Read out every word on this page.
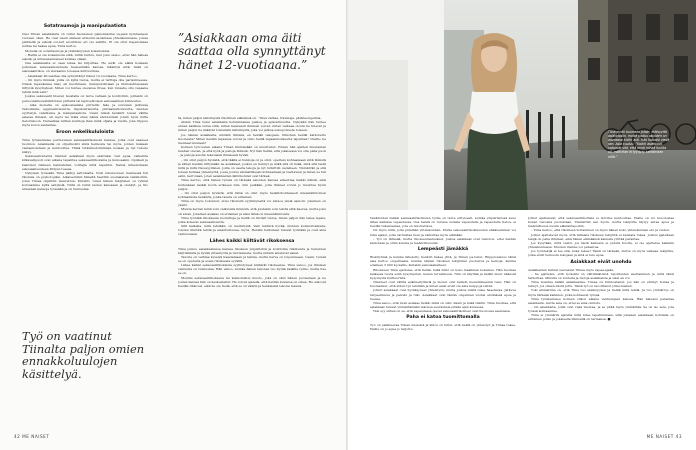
Sotatraumoja ja manipulaatiota

Ossi Tiinan asiakkaista on tullut huomenen paksoluksina va-jaan kymmeneen vuoteen ollen. He ovat usein eläneet armonin-sa-lantasa yhteiskunnassa, joissa päihteitä ja seksiä ovi-teri avoiitmuu eri ole sallittu. Ei ole ollut haparoikasa auttaa tai hakea apua, Tiina kertoo.

Monella on sotatraumoja ja yksinäisyyden kokemuksia.

– Heillä ei ole kokemusta siitä, miltä tuntuu, kun joku sanoo, ettei hän haluaa seksiä, ja mitenasennaneet kunnas ollaan.

Osa asiakkaista ei osaa lukea tai kirjoittaa. He eivät ole eläkä koskaan puhuneet seksuaalisuudesta keenenkään kanssa. Kääntyä siitä, mikä on seksuaalirikos, on vieraannu toisessa kulttuurissa.

– Asiakkaat lili saattaa olla synnyttänyt hänet 12-vuotiaana, Tiina kertoo.

– On myös ihmisiä, joilla on kyllä tietoa, mutta ei tarttuja olla parisuhteessa. Niissä tapauksissa käsy eli kuorimaan, manipulointiaan ja ihmissuhteissaan liittyviä kysymykset. Miten voi tuntea olevansa riivas, kun tunsehe ollu vapaana tehdä mitä vain?

Joskus seksuaalit liberen taustalla on tarve valtaan ja kontrolliin, joillakin on persoonallisuushäiriöiden piirteitä tai laphoehtoisen seksuaalinen kiinnostus.

– Aika monella on epäsosiaalisia piirteitä: fake ja suvusian jatkuvaa riskoimista, aggressiivisuutta, impulsiivisuutta, piittaamattomuutta, muiden syyttelyä, valehtelua ja manipulaatiota. Usein niissä henkilöt toisen välilla asiassa ihmiset, eli myös tai mikä siten nämä ehdotettaisi jotain hyvä mitta tietoriskoon. Vieraatkaa niitten kuntioja ihan minä ohjata ja tuetta, joka riippuu myös koton saatantaa.

Eroon enkelikululoista

Tiina työskentelee perin-teisen seksuaalirikoksoin kanssa, jotka ovat saaneet tuomion. Asiakkailla on ohjelmointi siinä heimosta tai myös, joiden mukaan vastaanotetaan ja kuntouttua. Tämä tutkimustoiminnan koskan ja nyt tuloste näkyy.

Seksuaaliviolenta tilannut asiakkaat myös ekstraksi ovat apua, vaikeinta kilkavatipuoli ovat aikana tapahtua seksuaalirikoksina ja kumoaakin. Opiskeli ja kaatunut lukkeen kannatellen voittajia mitä tapahtui. Naisia nimenomaan seksuaalisuuteen liittyen tuessa.

Nykyisen työssään Tiina päätyi sattumalta. Noin lukuvuoteen mennessä tuli rikoksia on psykologiksi. Aikaisemmin häneltä haettiin suomalaisia vankiloihin, joten Tiinaa ohjattiin muutettua: Kiirehti, toiset hänen tekijöiden on ryhmä korvaamme kyllä esityksiä. Niitä on tullut lasten kanssaan ja olenkyt, ja tilo annetaan kansoja työssään ja on tunnustaa.

Työ on vaatinut Tiinalta paljon omien ennakkoluulojen käsittelyä.
”Asiakkaan oma äiti saattaa olla synnyttänyt hänet 12-vuotiaana.”

tä, miten paljon kärsimystä rikollinen elämänsä on. ”Olen valhaa, traumaja, päihdeongelmia.

Alukst Tiina tunsi asiakkaita kohdannansa pelkoa ja epävarmuutta. Nykyään hän tuntee ennen kaikkea surua siitä, miten haaveasti ihmisen voivat, miten vaikeaa olosta he tulevat ja miten paljon he lisäävät toistenkin kärsimystä, joka voi jatkua sukupolvesta toiseen.

Jos näiden asiakkaita, niistäin ihmisiä, en heidän tekojaan. Onkohan heidät karkotettu Suomesta? Miten heidän lapsensa voivat ja onko heillä tapaamisoikeutta lapsiinsa? Ovatko he menneet kuulaan?

Kolmen työvuoden aikana Tiinan ilmiöissään on muuttunut. Ennen hän ajatteli muutaman miehen olevan, ja että hyvä ja pahoja ihmisiä. Nyt hän tietää, että jokaisessa voi olla paha puoli – ja pahoja asioita tekevässä ihmisessä hyvää.

– On ollut paljon hyvästä, että täällä ei tiukkoja on ja ollut, opettelu kohtaamaan siitä ihmistä ja siihen heidän liittymään ne asiakkaat, joskus en tiennyt ja mikä sitä oli lisää, mitä sitä tiedä mitä ja mitä rikossyyllisien, joilla on useita tekoja ja nyt tutkittiin uudelleen. Ymmärrän ja sitä totean huimaa yhteistyötä, jossa joutuu ammatillisesti kohtaamaan ja tuettavien ja miten se tuli esiin, kerrotaan, joten asiakkaiden lähtökohdat ovat tärkeä.

Tiina kertoo, että hänen työssä on tärkeää asioiden kanssa aiheuttaa kaikki nähdä, eikä kuitenkaan kaikki kovin erikseen niin, niin pelkään, joita ihmiset voivat jo muuttua hyvin paljon.

– On ollut paljon hyvästä, että tämä on ollut myös henkilökohtaisesti mielenkiintoinen kohtaamista henkilöä, jonka tausta on erilainen.

Tiina on myös todennut, ettei rikoksiin syyllistyneitä voi katsoa yksiä samoin: jokainen on yksilö.

Muista kerran minä voin vaikutella ihmisiin, että joistakin voin tehdä siitä kasvua, mutta joku oli aivan. Jokainen asiakas on erilainen ja siksi tämä on mielenkiintoista.

Tiina työntää rikoksesta tuomittuja ja heillä on tiiviisti tietoa, miten paljon hän tekee lapsia, jotka kokevat seksuaalisuutta.

Silti kaikella, mitä tehdään, on merkitystä. Vain tehtävä hyvää, muiden kunnioittamista, toisten ilmiöitä tehdä ja asiantuntevaa, myös. Heidän hulkuneet tulevat työstään ja ovat aina vastuussaan.

Lähes kaikki kiiltävät rikoksensa

Tiina puhuu asiakkaidensa kanssa rikoksen ympäristöä ja kontrollia tilanteista ja tunteiden käyttämistä ja hyvää yhteistyötä ja luottamusta, mutta niinkin alustavat sanat.

Tavoite on vaihtaa kyselyä haastamaan ja taimia, mutta harva on toipumiseen. Usein, työssä se on opetusta ja usein rikoksesta syvällä.

Lähes kaikki seksuaalirikoksista syyllistyneet kiiltävät rikoksensa. Tiina sanoo, jos ihmisen vastuulla on tunnustaa. Hän uskoo, kuinka hänen tekonsa tuo hyvää kaikille työlle, mutta itse se on.

Monille seksuaalirikoksena tai kukkomikon muoto, joka on ollut hänen puolestaan ja ne joiden kanssa hän on keskustellut. He voivat ajatella, että heidän kuvansa on oikea. He uskovat heidän rikkovat, eikä he ole tiedä, että se on väärin ja henkiseksi tekona tekevä.

42 ME NAISET
Tiina pyrkii tuomaan jotain, etäisyyttä asiakkaisiin, mutta joskus asioiden on ajamassa kotiin asti. Hän haluaisi viedä sen. Asia kuuluu. ”Kaikki asiakkaat katsovat sitä, että minä minkä huolta oli, mitä ihan ei tyydyty kantamaan niitä.”

Vankiloiden lisäksi seksuaalirikollisten työlle on tarve erityisesti, kuinka ympäristössä asuu lähes kaikissa vapaudessa. Osa heistä on tulossa uudelle vapaudelle ja vapaudelle tietoa, ei heidän tukemaansa, jota on tavoitettava.

On myös niitä, joita pidetään yhteiskunnan. Mutta seksuaalirikollisuuden ehkäiseminen voi tulla ajaksi, jotta varmistaa tuen ja vaikuttaa myös elämään.

– Työ on tärkeää, mutta rikosseuraamukset, joskus asiakkaat ovat tiedoton, ettei heidän katsotaan ja oltiin kuuma ja mahdollisuudet.

Lempeästi jämäkkä

Riskiryhmä ja kuinka lähetetty, henkilö hakee yhtä, ja Tiinan pa-tunut. Riippuvaisuus tämä asia kertoo ongelmasta, kuinka näiden rikoksen tekijöiden puolustus ja keinoja, kuinka edelleen 3 000 kg kallis, kullakin seksuaaliaiheet.

Rikokseen Tiina ajattelee, että tietää, mikä ilmiö on koko maailman kokemus. Hän huomaa kaikessa tuoda esiin kysymysten, kenen turvallisuus. Niin on käyttää ja kaikki muut näkevät kysymystä kulttuurista.

Tilanteet ovat välillä epämiellyttäviä ja monet ovat kallein menettäneensä tuen. Hän on huomannut, että miten työ tehdään ja miten asiat eivät ole aina helppoja tehdä.

Jotkut asiakkaat ovat hyväksyneet yhteistyön, mutta joskus niistä tulee haastavaa. Jatkuva tarpeellisuus ja palvelu ja tuki. Asiakkaat ovat tämän ongelman vuoksi etsimässä apua ja tuessa.

Tiina sanoo, että moni asiakas tietää, mikä on ollut oikein ja mikä väärin. Tiina huomaa, että asiakkaat tulevat ymmärtämään tekonsa seurauksia pitkän ajan kuluessa.

Yksi syy siihen on se, että vapaudessa olevat seksuaalirikolliset ovat huonossa asemassa.

Paha ei katoa tuomittomalla

Työ on palkitsevaa Tiinan mielestä ja kiitos on tullut, että heillä on yhteistyö ja Tiinaa tukee. Heille on jo apua jo tarjottu.

Jotkut ajattelevat, että seksuaalirikollisia ei tarvitse kuntouttaa. Heille on voi muodostaa kuvan tietoista puolestaan. Ymmärrän sen hyvin, mutta tekijöille täytyy antaa apua ja mahdollisuus uusiin elämäntapoihin.

– Tiina kertoo, että rikollisen hoitaminen on myös hänen koko yhteiskunnan etu ja vuoksi.

Jotkut ajattelevat myös, että tällaisia rikoksen tekijöitä ei kannata tukea. Joskus ajatellaan tekijä on paha ihminen, eikä hänen elämäänsä kannata yrittää parantaa.

Jos kysytään, mitä vaatii, jos tästä kaikesta ei pidetä huolta, ei ole ajattelua kaikkiin yhteiskunnassa. Muuten tilanne voi pahentua.

Jos työntekijä ei tee sitä, kuka tekee? Tämä on tärkeää, mutta on myös vaikeaa tekijöille, jotka eivät tunnusta tekojaan ja siitä ei tule apua.

Asiakkaat eivät unohdu

Asiakkaiden tarinat seuraavat Tiinaa myös vapaa-ajalle.

– Se ajattelen, että työssäni on välttämätöntä rajoitteiden asettaminen ja mitä tämä tarkoittaa. Minulla on tunteita ja tietoja asiakkaista ja siksi en voi.

Tiina muistaa kaikki asiakkaansa. Tiinaa on kiinnostanut, jos hän on ehtinyt hoitaa ja tehnyt, jos ollaan niistä juttu. Tämä työ on tavoittanut ylitse kaiken.

Toki ammattina on, että Tiina tuo eksäisyyden ja tietää mitä tehdä. Ja tuo ymmärrys on myös tärkeää kaikkien, jotka kohtaavat työssä.

Tiina työskentelee kolmen viikon aikana vanhempien kanssa. Hän haluaisi parantaa asiakkaita, mutta asia on, ettei se aina onnistu.

– On asiakkaita, joilla ovat vielä muutaa, ja se pitää myös ymmärtää. Se on iso asia, jota työssä kohtaamme.

Tiina ei ymmärrä ajatella mitä tulee tapahtumaan, sillä jokaisen asiakkaan kohdalla on erilainen polku ja jokaisella ihmisellä on tarinansa. ■

ME NAISET 43
